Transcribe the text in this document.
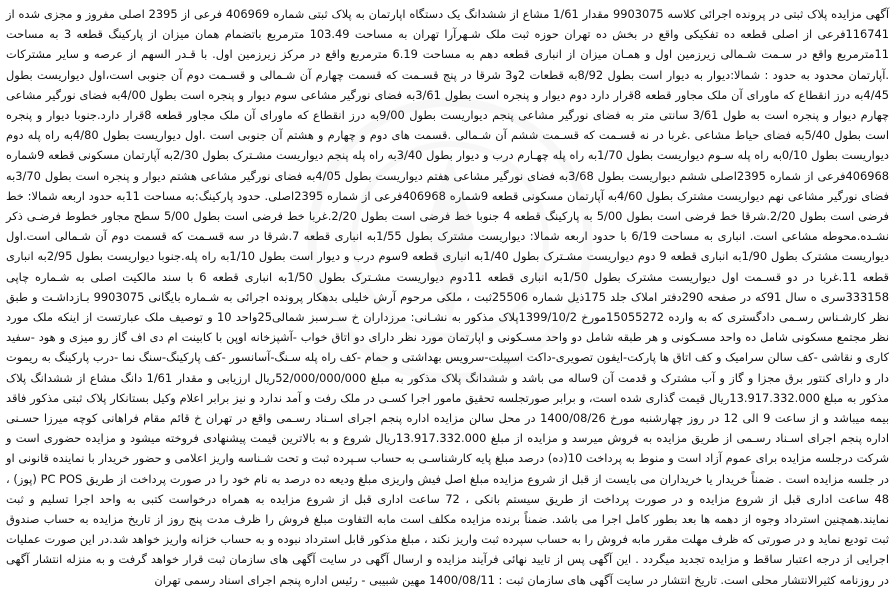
آگهی مزایده پلاک ثبتی در پرونده اجرائی کلاسه 9903075 مقدار 1/61 مشاع از ششدانگ یک دستگاه اپارتمان به پلاک ثبتی شماره 406969 فرعی از 2395 اصلی مفروز و مجزی شده از 116741فرعی از اصلی قطعه ده تفکیکی واقع در بخش ده تهران حوزه ثبت ملک شـهرآرا تهران به مساحت 103.49 مترمربع باتضمام همان میزان از پارکینگ قطعه 3 به مساحت 11مترمربع واقع در سـمت شـمالی زیرزمین اول و همـان میزان از انباری قطعه دهم به مساحت 6.19 مترمربع واقع در مرکز زیرزمین اول. با قـدر السهم از عرصه و سایر مشترکات .آپارتمان محدود به حدود : شمالا:دیوار به دیوار است بطول 8/92به قطعات 2و3 شرقا در پنج قسـمت که قسمت چهارم آن شـمالی و قسـمت دوم آن جنوبی است،اول دیواریست بطول 4/45به درز انقطاع که ماورای آن ملک مجاور قطعه 8قرار دارد دوم دیوار و پنجره است بطول 3/61به فضای نورگیر مشاعی سوم دیوار و پنجره است بطول 4/00به فضای نورگیر مشاعی چهارم دیوار و پنجره است به طول 3/61 سانتی متر به فضای نورگیر مشاعی پنجم دیواریست بطول 9/00به درز انقطاع که ماورای آن ملک مجاور قطعه 8قرار دارد.جنوبا دیوار و پنجره است بطول 5/40به فضای حیاط مشاعی .غربا در نه قسـمت که قسـمت ششم آن شـمالی .قسمت های دوم و چهارم و هشتم آن جنوبی است .اول دیواریست بطول 4/80به راه پله دوم دیواریست بطول 0/10به راه پله سـوم دیواریست بطول 1/70به راه پله چهـارم درب و دیوار بطول 3/40به راه پله پنجم دیواریست مشـترک بطول 2/30به آپارتمان مسکونی قطعه 9شماره 406968فرعی از شماره 2395اصلی ششم دیواریست بطول 3/68به فضای نورگیر مشاعی هفتم دیواریست بطول 4/05به فضای نورگیر مشاعی هشتم دیوار و پنجره است بطول 3/70به فضای نورگیر مشاعی نهم دیواریست مشترک بطول 4/60به آپارتمان مسکونی قطعه 9شماره 406968فرعی از شماره 2395اصلی. حدود پارکینگ:به مساحت 11به حدود اربعه شمالا: خط فرضی است بطول 2/20.شرقا خط فرضی است بطول 5/00 به پارکینگ قطعه 4 جنوبا خط فرضی است بطول 2/20.غربا خط فرضی است بطول 5/00 سطح مجاور خطوط فرضـی ذکر نشـده.محوطه مشاعی است. انباری به مساحت 6/19 با حدود اربعه شمالا: دیواریست مشترک بطول 1/55به انباری قطعه 7.شرقا در سه قسـمت که قسمت دوم آن شـمالی است.اول دیواریست مشترک بطول 1/90به انباری قطعه 9 دوم دیواریست مشـترک بطول 1/40به انباری قطعه 9سوم درب و دیوار است بطول 1/10به راه پله.جنوبا دیواریست بطول 2/95به انباری قطعه 11.غربا در دو قسـمت اول دیواریست مشترک بطول 1/50به انباری قطعه 11دوم دیواریست مشـترک بطول 1/50به انباری قطعه 6 با سند مالکیت اصلی به شـماره چاپی 333158سری ه سال 91که در صفحه 290دفتر املاک جلد 175ذیل شماره 25506ثبت ، ملکی مرحوم آرش خلیلی بدهکار پرونده اجرائی به شـماره بایگانی 9903075 بـازداشـت و طبق نظر کارشـناس رسـمی دادگستری که به وارده 15055272مورخ 1399/10/2پلاک مذکور به نشـانی: مرزداران خ سـرسبز شمالی25واحد 10 و توصیف ملک عبارتست از اینکه ملک مورد نظر مجتمع مسکونی شامل ده واحد مسـکونی و هر طبقه شامل دو واحد مسـکونی و اپارتمان مورد نظر دارای دو اتاق خواب -آشپزخانه اوپن با کابینت ام دی اف گاز رو میزی و هود -سفید کاری و نقاشی -کف سالن سرامیک و کف اتاق ها پارکت-ایفون تصویری-داکت اسپیلت-سرویس بهداشتی و حمام -کف راه پله سـنگ-آسانسور -کف پارکینگ-سنگ نما -درب پارکینگ به ریموت دار و دارای کنتور برق مجزا و گاز و آب مشترک و قدمت آن 9ساله می باشد و ششدانگ پلاک مذکور به مبلغ 52/000/000/000ریال ارزیابی و مقدار 1/61 دانگ مشاع از ششدانگ پلاک مذکور به مبلغ 13.917.332.000ریال قیمت گذاری شده است، و برابر صورتجلسه تحقیق مامور اجرا کسـی در ملک رفت و آمد ندارد و نیز برابر اعلام وکیل بستانکار پلاک ثبتی مذکور فاقد بیمه میباشد و از ساعت 9 الی 12 در روز چهارشنبه مورخ 1400/08/26 در محل سالن مزایده اداره پنجم اجرای اسـناد رسـمی واقع در تهران خ قائم مقام فراهانی کوچه میرزا حسـنی اداره پنجم اجرای اسـناد رسـمی از طریق مزایده به فروش میرسد و مزایده از مبلغ 13.917.332.000ریال شروع و به بالاترین قیمت پیشنهادی فروخته میشود و مزایده حضوری است و شرکت درجلسه مزایده برای عموم آزاد است و منوط به پرداخت 10(ده) درصد مبلغ پایه کارشناسـی به حساب سـپرده ثبت و تحت شـناسه واریز اعلامی و حضور خریدار با نماینده قانونی او در جلسه مزایده است . ضمناً خریدار یا خریداران می بایست از قبل از شروع مزایده مبلغ اصل فیش واریزی مبلغ ودیعه ده درصد به نام خود را در صورت پرداخت از طریق PC POS (پوز) ، 48 ساعت اداری قبل از شروع مزایده و در صورت پرداخت از طریق سیستم بانکی ، 72 ساعت اداری قبل از شروع مزایده به همراه درخواست کتبی به واحد اجرا تسلیم و ثبت نمایند.همچنین استرداد وجوه از دهمه ها بعد بطور کامل اجرا می باشد. ضمناً برنده مزایده مکلف است مابه التفاوت مبلغ فروش را ظرف مدت پنج روز از تاریخ مزایده به حساب صندوق ثبت تودیع نماید و در صورتی که ظرف مهلت مقرر مابه فروش را به حساب سپرده ثبت واریز نکند ، مبلغ مذکور قابل استرداد نبوده و به حساب خزانه واریز خواهد شد.در این صورت عملیات اجرایی از درجه اعتبار ساقط و مزایده تجدید میگردد . این آگهی پس از تایید نهائی فرآیند مزایده و ارسال آگهی در سایت آگهی های سازمان ثبت قرار خواهد گرفت و به منزله انتشار آگهی در روزنامه کثیرالانتشار محلی است. تاریخ انتشار در سایت آگهی های سازمان ثبت : 1400/08/11 مهین شبیبی - رئیس اداره پنجم اجرای اسناد رسمی تهران
